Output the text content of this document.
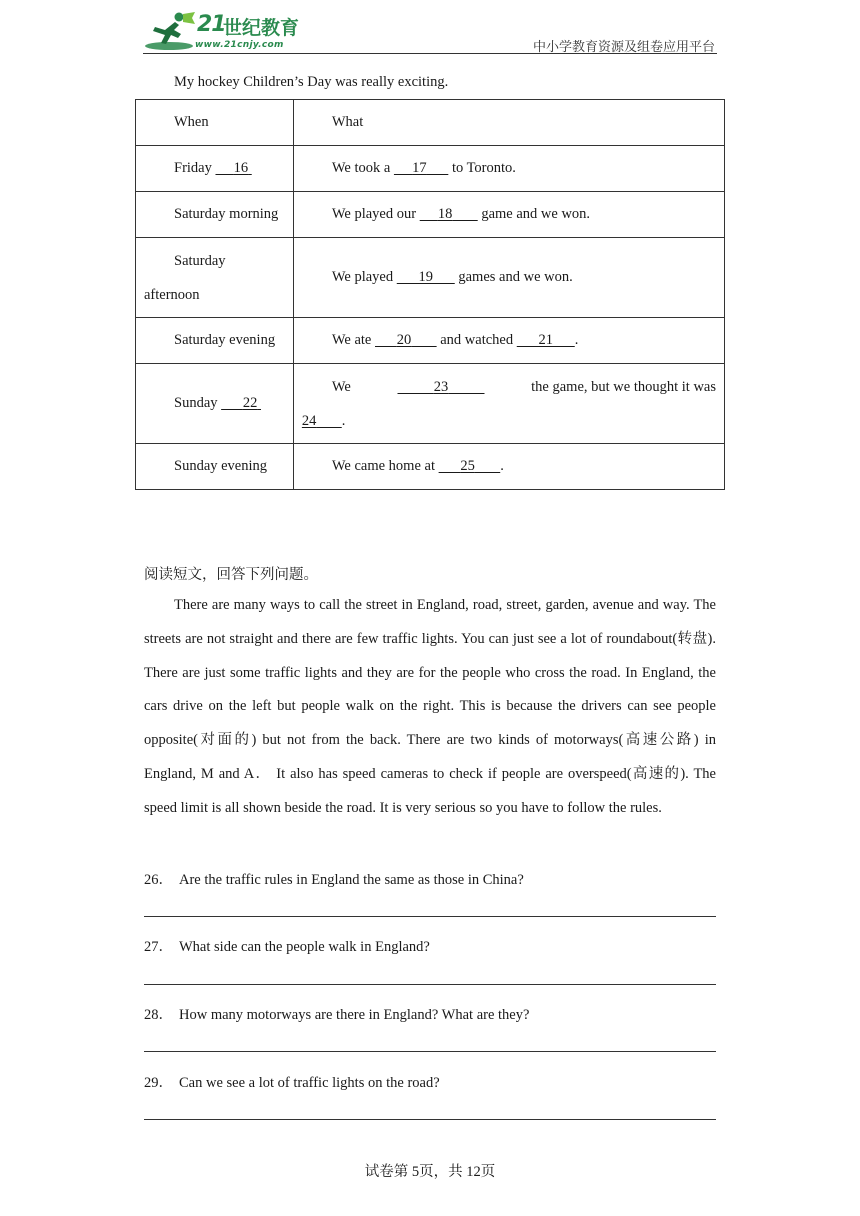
21
世纪教育
www.21cnjy.com	中小学教育资源及组卷应用平台
My hockey Children’s Day was really exciting.
When	What

Friday 16	We took a 17 to Toronto.

Saturday morning	We played our 18 game and we won.

Saturday
afternoon	We played 19 games and we won.

Saturday evening	We ate 20 and watched 21 .

Sunday 22	We 23 the game, but we thought it was
24 .

Sunday evening	We came home at 25 .
阅读短文，回答下列问题。
There are many ways to call the street in England, road, street, garden, avenue and way. The streets are not straight and there are few traffic lights. You can just see a lot of roundabout(转盘). There are just some traffic lights and they are for the people who cross the road. In England, the cars drive on the left but people walk on the right. This is because the drivers can see people opposite(对面的) but not from the back. There are two kinds of motorways(高速公路) in England, M and A． It also has speed cameras to check if people are overspeed(高速的). The speed limit is all shown beside the road. It is very serious so you have to follow the rules.
26． Are the traffic rules in England the same as those in China?
27． What side can the people walk in England?
28． How many motorways are there in England? What are they?
29． Can we see a lot of traffic lights on the road?
试卷第 5页，共 12页
